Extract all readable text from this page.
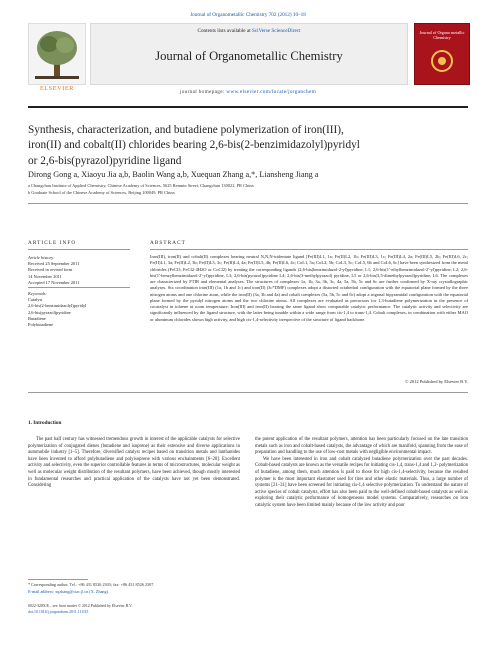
Journal of Organometallic Chemistry 702 (2012) 10–18
ELSEVIER
Contents lists available at SciVerse ScienceDirect
Journal of Organometallic Chemistry
Journal of Organo metallic Chemistry
journal homepage: www.elsevier.com/locate/jorganchem
Synthesis, characterization, and butadiene polymerization of iron(III),
iron(II) and cobalt(II) chlorides bearing 2,6-bis(2-benzimidazolyl)pyridyl
or 2,6-bis(pyrazol)pyridine ligand
Dirong Gong a, Xiaoyu Jia a,b, Baolin Wang a,b, Xuequan Zhang a,*, Liansheng Jiang a
a Changchun Institute of Applied Chemistry, Chinese Academy of Sciences, 5625 Renmin Street, Changchun 130022, PR China
b Graduate School of the Chinese Academy of Sciences, Beijing 100049, PR China
ARTICLE INFO
Article history:
Received 25 September 2011
Received in revised form
14 November 2011
Accepted 17 November 2011
Keywords:
Catalyst
2,6-bis(2-benzimidazolyl)pyridyl
2,6-bis(pyrazol)pyridine
Butadiene
Polybutadiene
ABSTRACT
Iron(III), iron(II) and cobalt(II) complexes bearing neutral N,N,N-tridentate ligand [Fe(III)L1, 1a; Fe(II)L2, 1b; Fe(III)L3, 1c; Fe(III)L4, 2a; Fe(III)L5, 2b; Fe(III)L6, 2c; Fe(II)L1, 3a; Fe(II)L2, 3b; Fe(II)L3, 3c; Fe(II)L4, 4a; Fe(II)L5, 4b; Fe(II)L6, 4c; CoL1, 5a; CoL2, 5b; CoL3, 5c; CoL5, 6b and CoL6, 6c] have been synthesized from the metal chlorides (FeCl3, FeCl2·4H2O or CoCl2) by treating the corresponding ligands (2,6-bis(benzimidazol-2-yl)pyridine, L1; 2,6-bis(1'-ethylbenzimidazol-2'-yl)pyridine, L2; 2,6-bis(1'-benzylbenzimidazol-2'-yl)pyridine, L3; 2,6-bis(pyrazol)pyridine L4; 2,6-bis(3-methylpyrazol) pyridine, L5 or 2,6-bis(3,5-dimethylpyrazol)pyridine, L6. The complexes are characterized by FTIR and elemental analyses. The structures of complexes 1a, 1b, 3a, 3b, 3c, 4a, 5a, 5b, 5c and 6c are further confirmed by X-ray crystallographic analyses. Six coordination iron(III) (1a, 1b and 1c) and iron(II) (3c*DMF) complexes adopt a distorted octahedral configuration with the equatorial plane formed by the three nitrogen atoms and one chlorine atom, while the iron(II) (3a, 3b and 4a) and cobalt complexes (5a, 5b, 5c and 6c) adopt a trigonal bipyramidal configuration with the equatorial plane formed by the pyridyl nitrogen atoms and the two chlorine atoms. All complexes are evaluated as precursors for 1,3-butadiene polymerization in the presence of cocatalyst in toluene at room temperature. Iron(III) and iron(II) bearing the same ligand show comparable catalytic performance. The catalytic activity and selectivity are significantly influenced by the ligand structure, with the latter being tunable within a wide range from cis-1,4 to trans-1,4. Cobalt complexes, in combination with either MAO or aluminum chlorides shown high activity, and high cis-1,4-selectivity irrespective of the structure of ligand backbone.
© 2012 Published by Elsevier B.V.
1. Introduction

The past half century has witnessed tremendous growth in interest of the applicable catalysts for selective polymerization of conjugated dienes (butadiene and isoprene) as their extensive and diverse applications in automobile industry [1–5]. Therefore, diversified catalyst recipes based on transition metals and lanthanides have been invented to afford polybutadiene and polyisoprene with various enchainments [6–20]. Excellent activity and selectivity, even the superior controllable features in terms of microstructures, molecular weight as well as molecular weight distribution of the resultant polymers, have been achieved, though mostly interested in fundamental researches and practical application of the catalysts have not yet been demonstrated. Considering

the potent application of the resultant polymers, attention has been particularly focused on the late transition metals such as iron and cobalt-based catalysts, the advantage of which are manifold, spanning from the ease of preparation and handling to the use of low-cost metals with negligible environmental impact.

We have been interested in iron and cobalt catalyzed butadiene polymerization over the past decades. Cobalt-based catalysts are known as the versatile recipes for initiating cis-1,4, trans-1,4 and 1,2- polymerization of butadiene, among them, much attention is paid to those for high cis-1,4-selectivity, because the resulted polymer is the most important elastomer used for tires and other elastic materials. Thus, a large number of systems [21–31] have been screened for initiating cis-1,4 selective polymerization. To understand the nature of active species of cobalt catalysts, effort has also been paid to the well-defined cobalt-based catalysts as well as exploring their catalytic performance of homogeneous model systems. Comparatively, researches on iron catalytic system have been limited mainly because of the low activity and poor

* Corresponding author. Tel.: +86 431 8526 2303; fax: +86 431 8526 2307.
E-mail address: xqzhang@ciac.jl.cn (X. Zhang).
0022-328X/$ – see front matter © 2012 Published by Elsevier B.V.
doi:10.1016/j.jorganchem.2011.11.025
